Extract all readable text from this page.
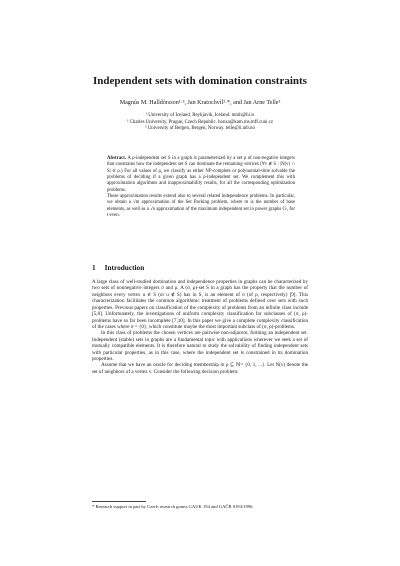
Independent sets with domination constraints
Magnús M. Halldórsson¹·³, Jan Kratochvíl²·*, and Jan Arne Telle³
¹ University of Iceland, Reykjavik, Iceland. mmh@hi.is
² Charles University, Prague, Czech Republic. honza@kam.ms.mff.cuni.cz
³ University of Bergen, Bergen, Norway. telle@ii.uib.no
Abstract. A ρ-independent set S in a graph is parameterized by a set ρ of non-negative integers that constrains how the independent set S can dominate the remaining vertices (∀v ∉ S : |N(v) ∩ S| ∈ ρ.) For all values of ρ, we classify as either NP-complete or polynomial-time solvable the problems of deciding if a given graph has a ρ-independent set. We complement this with approximation algorithms and inapproximability results, for all the corresponding optimization problems.
These approximation results extend also to several related independence problems. In particular, we obtain a √m approximation of the Set Packing problem, where m is the number of base elements, as well as a √n approximation of the maximum independent set in power graphs Gᵗ, for t even.
1 Introduction

A large class of well-studied domination and independence properties in graphs can be characterized by two sets of nonnegative integers σ and ρ. A (σ, ρ)-set S in a graph has the property that the number of neighbors every vertex u ∈ S (or u ∉ S) has in S, is an element of σ (of ρ, respectively) [9]. This characterization facilitates the common algorithmic treatment of problems defined over sets with such properties. Previous papers on classification of the complexity of problems from an infinite class include [5,8]. Unfortunately, the investigations of uniform complexity classification for subclasses of (σ, ρ)-problems have so far been incomplete [7,10]. In this paper we give a complete complexity classification of the cases where σ = {0}, which constitute maybe the most important subclass of (σ, ρ)-problems.

In this class of problems the chosen vertices are pairwise non-adjacent, forming an independent set. Independent (stable) sets in graphs are a fundamental topic with applications wherever we seek a set of mutually compatible elements. It is therefore natural to study the solvability of finding independent sets with particular properties, as in this case, where the independent set is constrained in its domination properties.

Assume that we have an oracle for deciding membership in ρ ⊆ ℕ= {0, 1, ...}. Let N(v) denote the set of neighbors of a vertex v. Consider the following decision problem:

* Research support in part by Czech research grants GAUK 194 and GAČR 0194/1996.
